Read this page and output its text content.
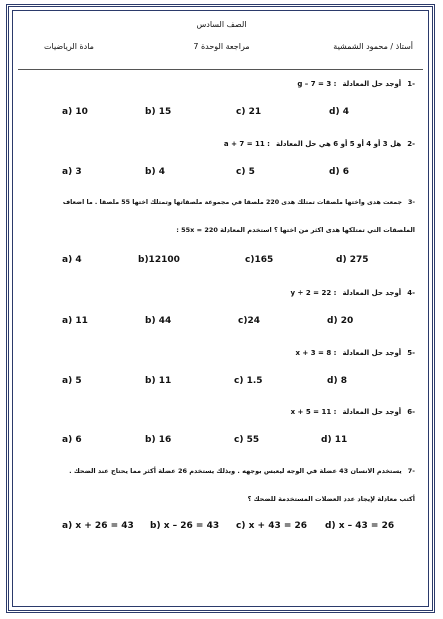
الصف السادس
أستاذ / محمود الشمشية
مراجعة الوحدة 7
مادة الرياضيات
-1أوجد حل المعادلةg – 7 = 3 :
a) 10	b) 15	c) 21	d) 4
-2هل 3 أو 4 أو 5 أو 6 هي حل المعادلةa + 7 = 11 :
a) 3	b) 4	c) 5	d) 6
-3جمعت هدى واختها ملصقات تمتلك هدى 220 ملصقا في مجموعة ملصقاتها وتمتلك اختها 55 ملصقا . ما اضعاف
الملصقات التي تمتلكها هدى اكثر من اختها ؟ استخدم المعادلة 55x = 220 :
a) 4	b)12100	c)165	d) 275
-4أوجد حل المعادلةy ÷ 2 = 22 :
a) 11	b) 44	c)24	d) 20
-5أوجد حل المعادلةx + 3 = 8 :
a) 5	b) 11	c) 1.5	d) 8
-6أوجد حل المعادلةx + 5 = 11 :
a) 6	b) 16	c) 55	d) 11
-7يستخدم الانسان 43 عضلة في الوجه ليعبس بوجهه . وبذلك يستخدم 26 عضلة أكثر مما يحتاج عند الضحك .
أكتب معادلة لإيجاد عدد العضلات المستخدمة للضحك ؟
a) x + 26 = 43 b) x – 26 = 43 c) x + 43 = 26 d) x – 43 = 26
